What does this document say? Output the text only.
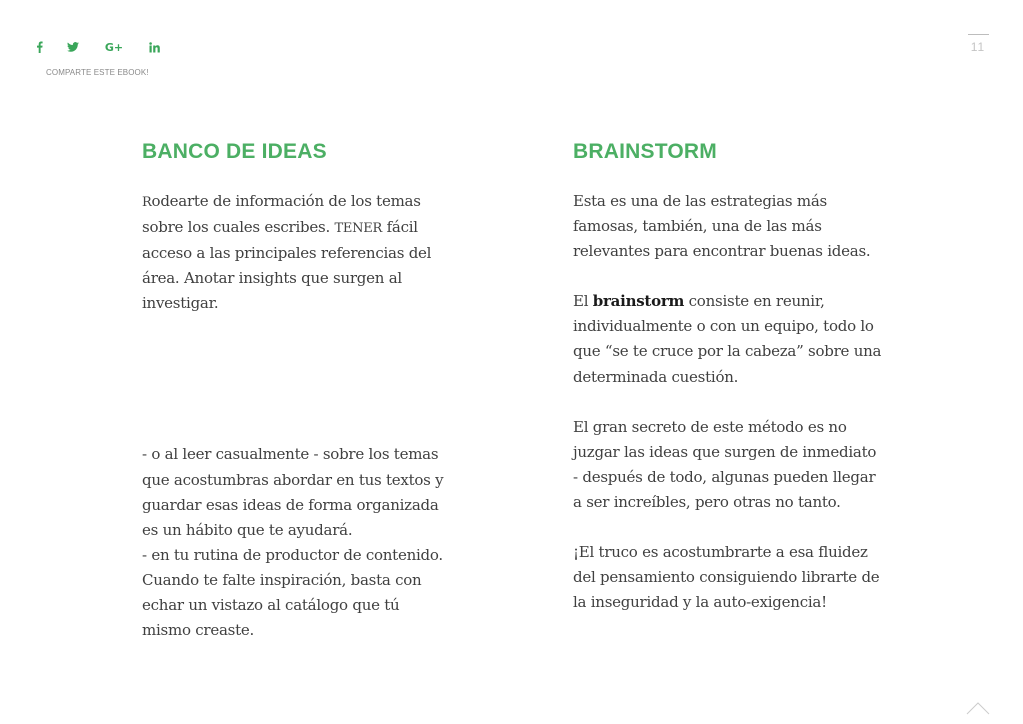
G+
COMPARTE ESTE EBOOK!
11
BANCO DE IDEAS

Rodearte de información de los temas sobre los cuales escribes. TENER fácil acceso a las principales referencias del área. Anotar insights que surgen al investigar.

- o al leer casualmente - sobre los temas que acostumbras abordar en tus textos y guardar esas ideas de forma organizada es un hábito que te ayudará.

- en tu rutina de productor de contenido. Cuando te falte inspiración, basta con echar un vistazo al catálogo que tú mismo creaste.

BRAINSTORM

Esta es una de las estrategias más famosas, también, una de las más relevantes para encontrar buenas ideas.

El brainstorm consiste en reunir, individualmente o con un equipo, todo lo que “se te cruce por la cabeza” sobre una determinada cuestión.

El gran secreto de este método es no juzgar las ideas que surgen de inmediato - después de todo, algunas pueden llegar a ser increíbles, pero otras no tanto.

¡El truco es acostumbrarte a esa fluidez del pensamiento consiguiendo librarte de la inseguridad y la auto-exigencia!
